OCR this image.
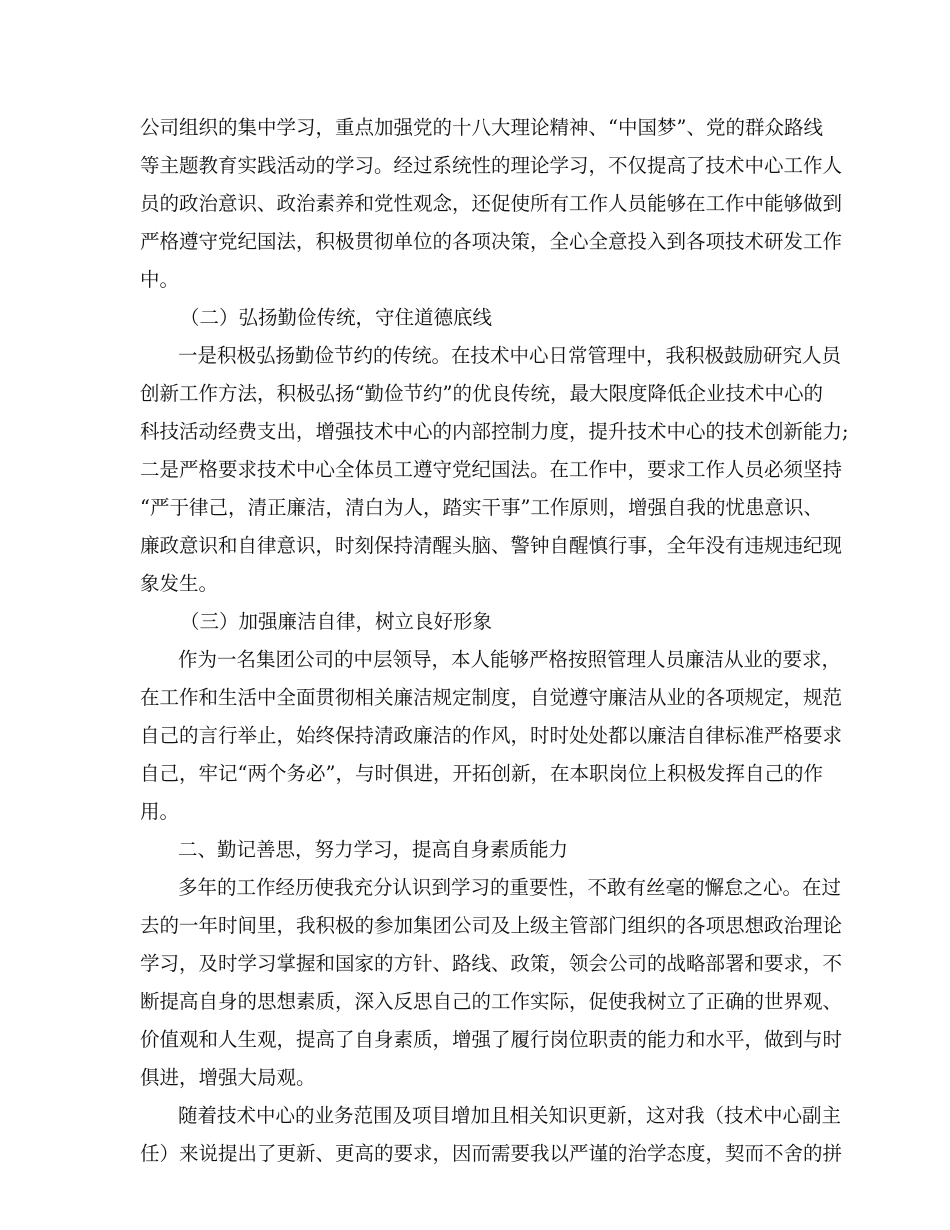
公司组织的集中学习，重点加强党的十八大理论精神、“中国梦”、党的群众路线
等主题教育实践活动的学习。经过系统性的理论学习，不仅提高了技术中心工作人
员的政治意识、政治素养和党性观念，还促使所有工作人员能够在工作中能够做到
严格遵守党纪国法，积极贯彻单位的各项决策，全心全意投入到各项技术研发工作
中。
（二）弘扬勤俭传统，守住道德底线
一是积极弘扬勤俭节约的传统。在技术中心日常管理中，我积极鼓励研究人员
创新工作方法，积极弘扬“勤俭节约”的优良传统，最大限度降低企业技术中心的
科技活动经费支出，增强技术中心的内部控制力度，提升技术中心的技术创新能力;
二是严格要求技术中心全体员工遵守党纪国法。在工作中，要求工作人员必须坚持
“严于律己，清正廉洁，清白为人，踏实干事”工作原则，增强自我的忧患意识、
廉政意识和自律意识，时刻保持清醒头脑、警钟自醒慎行事，全年没有违规违纪现
象发生。
（三）加强廉洁自律，树立良好形象
作为一名集团公司的中层领导，本人能够严格按照管理人员廉洁从业的要求，
在工作和生活中全面贯彻相关廉洁规定制度，自觉遵守廉洁从业的各项规定，规范
自己的言行举止，始终保持清政廉洁的作风，时时处处都以廉洁自律标准严格要求
自己，牢记“两个务必”，与时俱进，开拓创新，在本职岗位上积极发挥自己的作
用。
二、勤记善思，努力学习，提高自身素质能力
多年的工作经历使我充分认识到学习的重要性，不敢有丝毫的懈怠之心。在过
去的一年时间里，我积极的参加集团公司及上级主管部门组织的各项思想政治理论
学习，及时学习掌握和国家的方针、路线、政策，领会公司的战略部署和要求，不
断提高自身的思想素质，深入反思自己的工作实际，促使我树立了正确的世界观、
价值观和人生观，提高了自身素质，增强了履行岗位职责的能力和水平，做到与时
俱进，增强大局观。
随着技术中心的业务范围及项目增加且相关知识更新，这对我（技术中心副主
任）来说提出了更新、更高的要求，因而需要我以严谨的治学态度，契而不舍的拼
